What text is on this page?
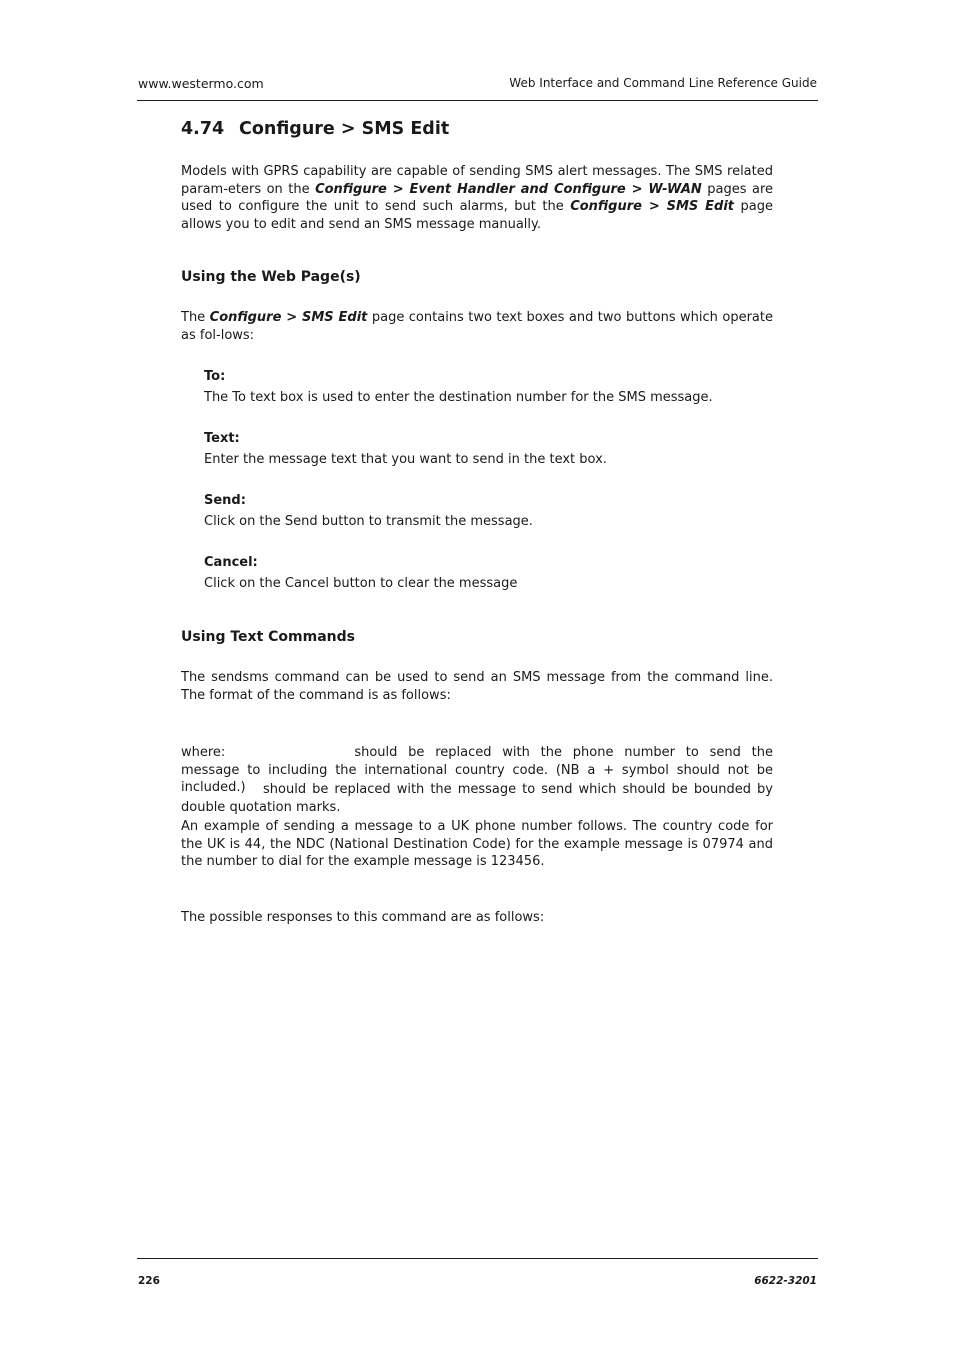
www.westermo.com	Web Interface and Command Line Reference Guide
4.74 Configure > SMS Edit
Models with GPRS capability are capable of sending SMS alert messages. The SMS related param-eters on the Configure > Event Handler and Configure > W-WAN pages are used to configure the unit to send such alarms, but the Configure > SMS Edit page allows you to edit and send an SMS message manually.
Using the Web Page(s)
The Configure > SMS Edit page contains two text boxes and two buttons which operate as fol-lows:
To:
The To text box is used to enter the destination number for the SMS message.
Text:
Enter the message text that you want to send in the text box.
Send:
Click on the Send button to transmit the message.
Cancel:
Click on the Cancel button to clear the message
Using Text Commands
The sendsms command can be used to send an SMS message from the command line. The format of the command is as follows:
where:	should be replaced with the phone number to send the message to including the international country code. (NB a + symbol should not be included.)	should be replaced with the message to send which should be bounded by double quotation marks.
An example of sending a message to a UK phone number follows. The country code for the UK is 44, the NDC (National Destination Code) for the example message is 07974 and the number to dial for the example message is 123456.
The possible responses to this command are as follows:
226	6622-3201
